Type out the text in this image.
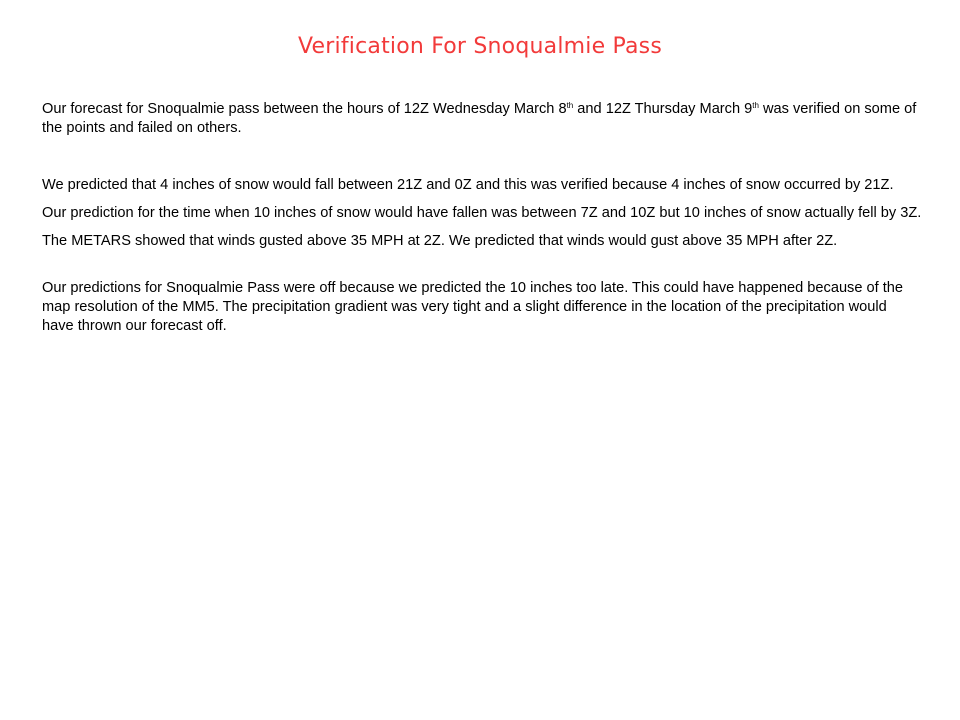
Verification For Snoqualmie Pass

Our forecast for Snoqualmie pass between the hours of 12Z Wednesday March 8th and 12Z Thursday March 9th was verified on some of the points and failed on others.

We predicted that 4 inches of snow would fall between 21Z and 0Z and this was verified because 4 inches of snow occurred by 21Z.

Our prediction for the time when 10 inches of snow would have fallen was between 7Z and 10Z but 10 inches of snow actually fell by 3Z.

The METARS showed that winds gusted above 35 MPH at 2Z. We predicted that winds would gust above 35 MPH after 2Z.

Our predictions for Snoqualmie Pass were off because we predicted the 10 inches too late. This could have happened because of the map resolution of the MM5. The precipitation gradient was very tight and a slight difference in the location of the precipitation would have thrown our forecast off.
